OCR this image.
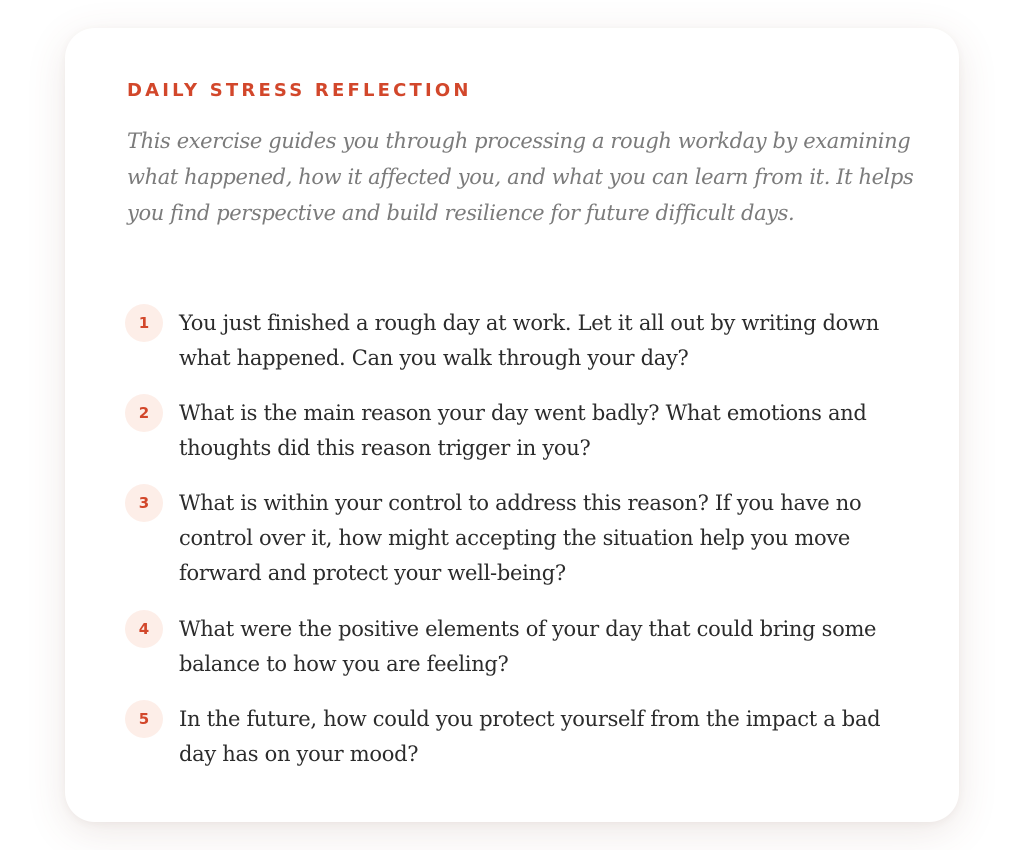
DAILY STRESS REFLECTION

This exercise guides you through processing a rough workday by examining what happened, how it affected you, and what you can learn from it. It helps you find perspective and build resilience for future difficult days.

1	You just finished a rough day at work. Let it all out by writing down what happened. Can you walk through your day?

2	What is the main reason your day went badly? What emotions and thoughts did this reason trigger in you?

3	What is within your control to address this reason? If you have no control over it, how might accepting the situation help you move forward and protect your well-being?

4	What were the positive elements of your day that could bring some balance to how you are feeling?

5	In the future, how could you protect yourself from the impact a bad day has on your mood?
